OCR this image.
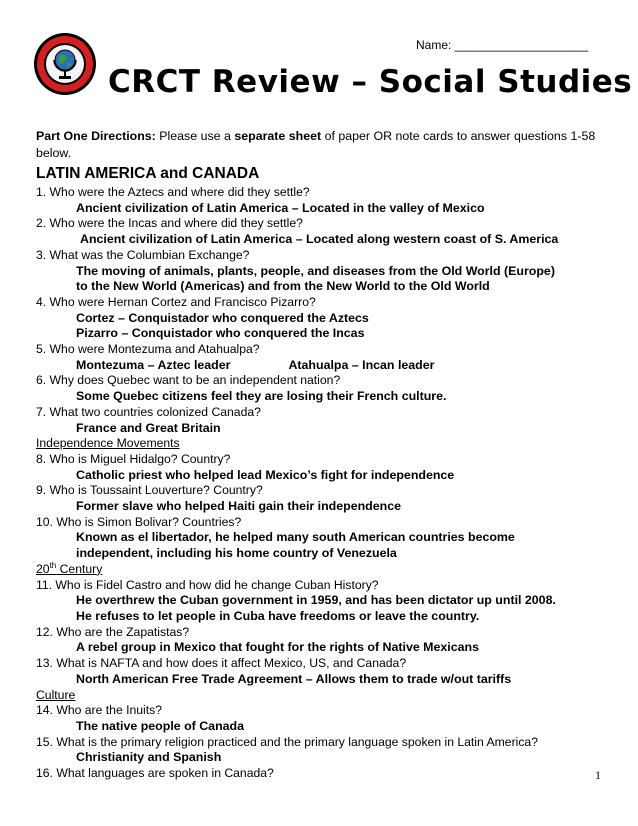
Name: ____________________
CRCT Review – Social Studies
Part One Directions: Please use a separate sheet of paper OR note cards to answer questions 1-58 below.
LATIN AMERICA and CANADA
1. Who were the Aztecs and where did they settle?
Ancient civilization of Latin America – Located in the valley of Mexico
2. Who were the Incas and where did they settle?
Ancient civilization of Latin America – Located along western coast of S. America
3. What was the Columbian Exchange?
The moving of animals, plants, people, and diseases from the Old World (Europe)
to the New World (Americas) and from the New World to the Old World
4. Who were Hernan Cortez and Francisco Pizarro?
Cortez – Conquistador who conquered the Aztecs
Pizarro – Conquistador who conquered the Incas
5. Who were Montezuma and Atahualpa?
Montezuma – Aztec leader	Atahualpa – Incan leader
6. Why does Quebec want to be an independent nation?
Some Quebec citizens feel they are losing their French culture.
7. What two countries colonized Canada?
France and Great Britain
Independence Movements
8. Who is Miguel Hidalgo? Country?
Catholic priest who helped lead Mexico’s fight for independence
9. Who is Toussaint Louverture? Country?
Former slave who helped Haiti gain their independence
10. Who is Simon Bolivar? Countries?
Known as el libertador, he helped many south American countries become
independent, including his home country of Venezuela
20th Century
11. Who is Fidel Castro and how did he change Cuban History?
He overthrew the Cuban government in 1959, and has been dictator up until 2008.
He refuses to let people in Cuba have freedoms or leave the country.
12. Who are the Zapatistas?
A rebel group in Mexico that fought for the rights of Native Mexicans
13. What is NAFTA and how does it affect Mexico, US, and Canada?
North American Free Trade Agreement – Allows them to trade w/out tariffs
Culture
14. Who are the Inuits?
The native people of Canada
15. What is the primary religion practiced and the primary language spoken in Latin America?
Christianity and Spanish
16. What languages are spoken in Canada?	1
